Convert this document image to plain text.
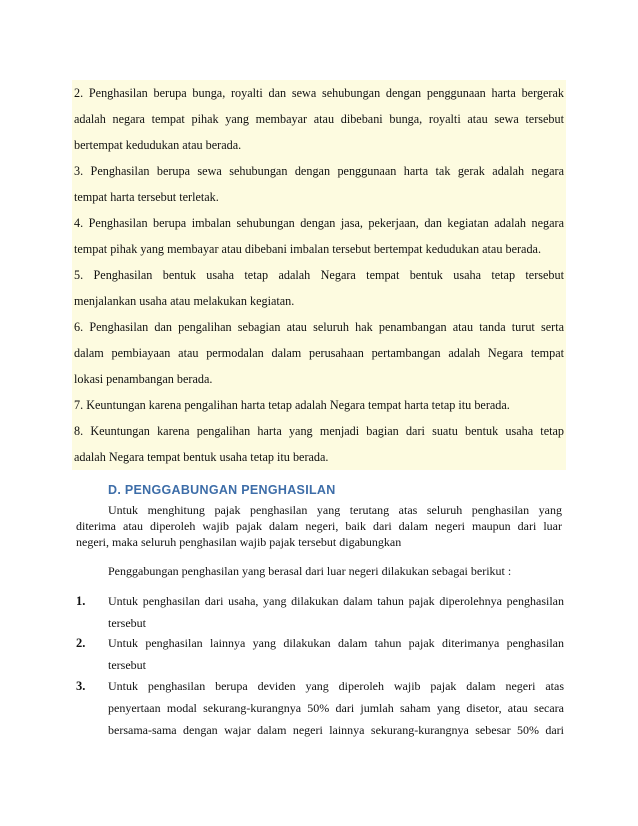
2. Penghasilan berupa bunga, royalti dan sewa sehubungan dengan penggunaan harta bergerak
adalah negara tempat pihak yang membayar atau dibebani bunga, royalti atau sewa tersebut
bertempat kedudukan atau berada.
3. Penghasilan berupa sewa sehubungan dengan penggunaan harta tak gerak adalah negara
tempat harta tersebut terletak.
4. Penghasilan berupa imbalan sehubungan dengan jasa, pekerjaan, dan kegiatan adalah negara
tempat pihak yang membayar atau dibebani imbalan tersebut bertempat kedudukan atau berada.
5. Penghasilan bentuk usaha tetap adalah Negara tempat bentuk usaha tetap tersebut
menjalankan usaha atau melakukan kegiatan.
6. Penghasilan dan pengalihan sebagian atau seluruh hak penambangan atau tanda turut serta
dalam pembiayaan atau permodalan dalam perusahaan pertambangan adalah Negara tempat
lokasi penambangan berada.
7. Keuntungan karena pengalihan harta tetap adalah Negara tempat harta tetap itu berada.
8. Keuntungan karena pengalihan harta yang menjadi bagian dari suatu bentuk usaha tetap
adalah Negara tempat bentuk usaha tetap itu berada.
D. PENGGABUNGAN PENGHASILAN
Untuk menghitung pajak penghasilan yang terutang atas seluruh penghasilan yang
diterima atau diperoleh wajib pajak dalam negeri, baik dari dalam negeri maupun dari luar
negeri, maka seluruh penghasilan wajib pajak tersebut digabungkan
Penggabungan penghasilan yang berasal dari luar negeri dilakukan sebagai berikut :
1. Untuk penghasilan dari usaha, yang dilakukan dalam tahun pajak diperolehnya penghasilan
tersebut
2. Untuk penghasilan lainnya yang dilakukan dalam tahun pajak diterimanya penghasilan
tersebut
3. Untuk penghasilan berupa deviden yang diperoleh wajib pajak dalam negeri atas
penyertaan modal sekurang-kurangnya 50% dari jumlah saham yang disetor, atau secara
bersama-sama dengan wajar dalam negeri lainnya sekurang-kurangnya sebesar 50% dari
